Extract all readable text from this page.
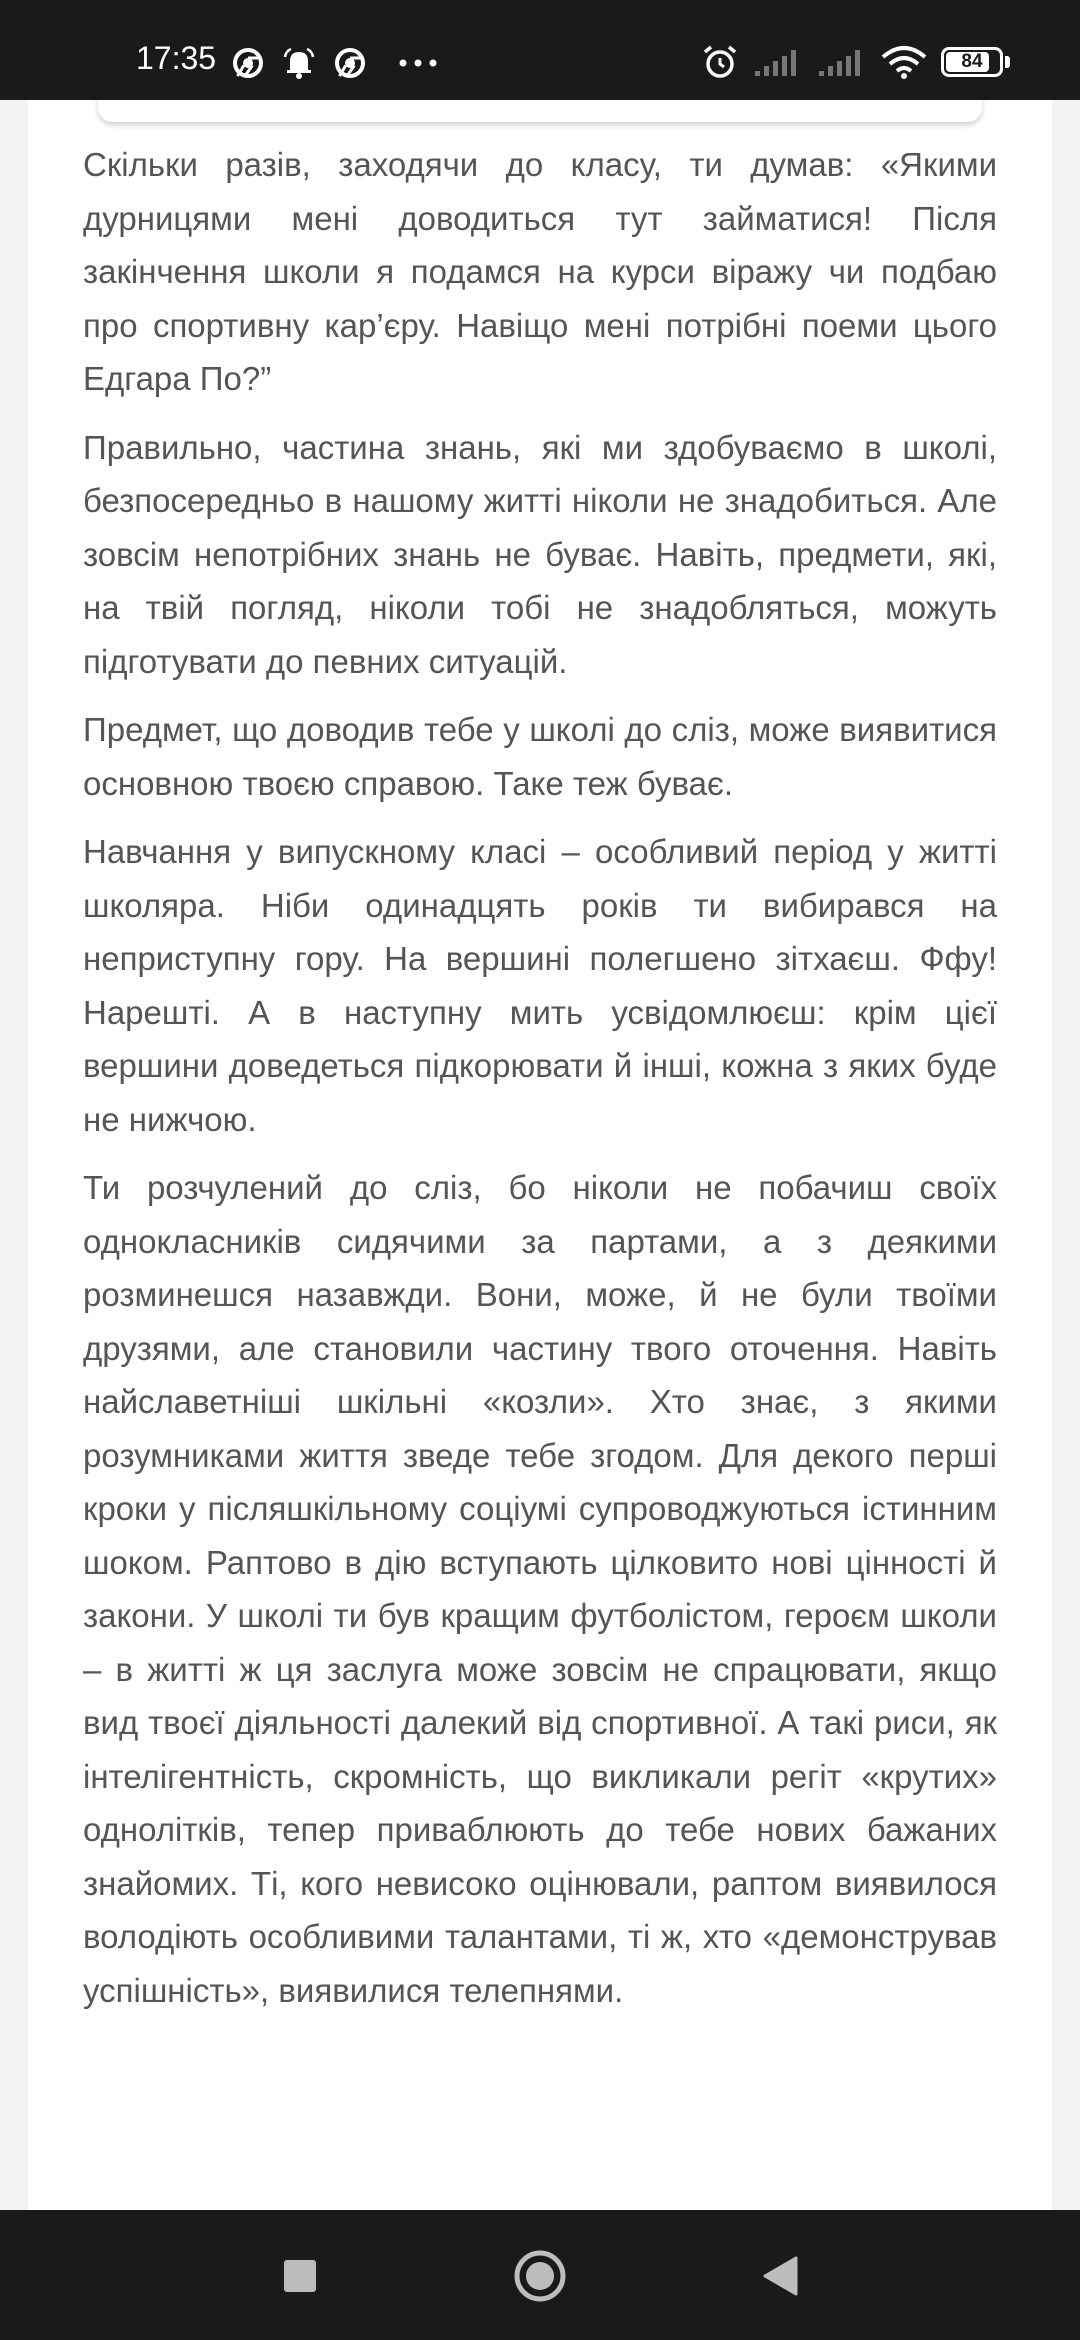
17:35	84

Скільки разів, заходячи до класу, ти думав: «Якими дурницями мені доводиться тут займатися! Після закінчення школи я подамся на курси віражу чи подбаю про спортивну кар’єру. Навіщо мені потрібні поеми цього Едгара По?”

Правильно, частина знань, які ми здобуваємо в школі, безпосередньо в нашому житті ніколи не знадобиться. Але зовсім непотрібних знань не буває. Навіть, предмети, які, на твій погляд, ніколи тобі не знадобляться, можуть підготувати до певних ситуацій.

Предмет, що доводив тебе у школі до сліз, може виявитися основною твоєю справою. Таке теж буває.

Навчання у випускному класі – особливий період у житті школяра. Ніби одинадцять років ти вибирався на неприступну гору. На вершині полегшено зітхаєш. Ффу! Нарешті. А в наступну мить усвідомлюєш: крім цієї вершини доведеться підкорювати й інші, кожна з яких буде не нижчою.

Ти розчулений до сліз, бо ніколи не побачиш своїх однокласників сидячими за партами, а з деякими розминешся назавжди. Вони, може, й не були твоїми друзями, але становили частину твого оточення. Навіть найславетніші шкільні «козли». Хто знає, з якими розумниками життя зведе тебе згодом. Для декого перші кроки у післяшкільному соціумі супроводжуються істинним шоком. Раптово в дію вступають цілковито нові цінності й закони. У школі ти був кращим футболістом, героєм школи – в житті ж ця заслуга може зовсім не спрацювати, якщо вид твоєї діяльності далекий від спортивної. А такі риси, як інтелігентність, скромність, що викликали регіт «крутих» однолітків, тепер приваблюють до тебе нових бажаних знайомих. Ті, кого невисоко оцінювали, раптом виявилося володіють особливими талантами, ті ж, хто «демонстрував успішність», виявилися телепнями.
